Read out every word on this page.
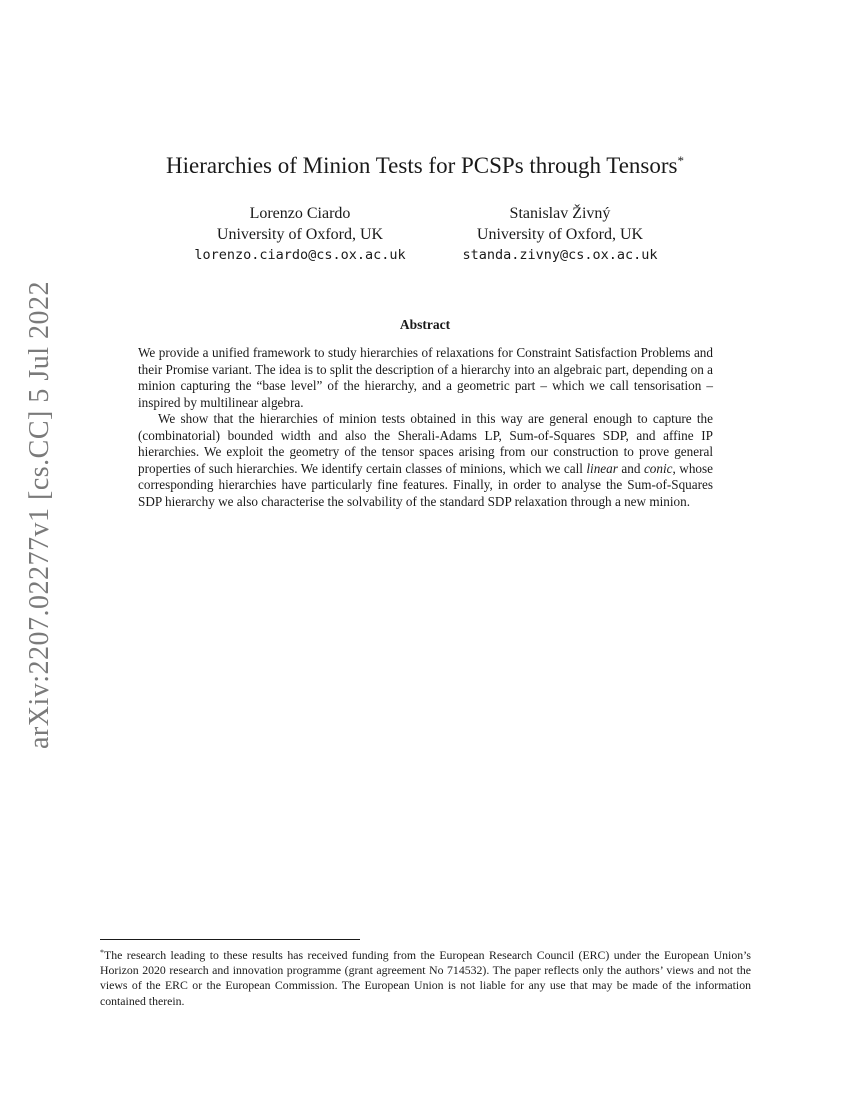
arXiv:2207.02277v1 [cs.CC] 5 Jul 2022
Hierarchies of Minion Tests for PCSPs through Tensors*
Lorenzo Ciardo
University of Oxford, UK
lorenzo.ciardo@cs.ox.ac.uk
Stanislav Živný
University of Oxford, UK
standa.zivny@cs.ox.ac.uk
Abstract

We provide a unified framework to study hierarchies of relaxations for Constraint Satisfaction Problems and their Promise variant. The idea is to split the description of a hierarchy into an algebraic part, depending on a minion capturing the “base level” of the hierarchy, and a geometric part – which we call tensorisation – inspired by multilinear algebra.

We show that the hierarchies of minion tests obtained in this way are general enough to capture the (combinatorial) bounded width and also the Sherali-Adams LP, Sum-of-Squares SDP, and affine IP hierarchies. We exploit the geometry of the tensor spaces arising from our construction to prove general properties of such hierarchies. We identify certain classes of minions, which we call linear and conic, whose corresponding hierarchies have particularly fine features. Finally, in order to analyse the Sum-of-Squares SDP hierarchy we also characterise the solvability of the standard SDP relaxation through a new minion.

*The research leading to these results has received funding from the European Research Council (ERC) under the European Union’s Horizon 2020 research and innovation programme (grant agreement No 714532). The paper reflects only the authors’ views and not the views of the ERC or the European Commission. The European Union is not liable for any use that may be made of the information contained therein.
